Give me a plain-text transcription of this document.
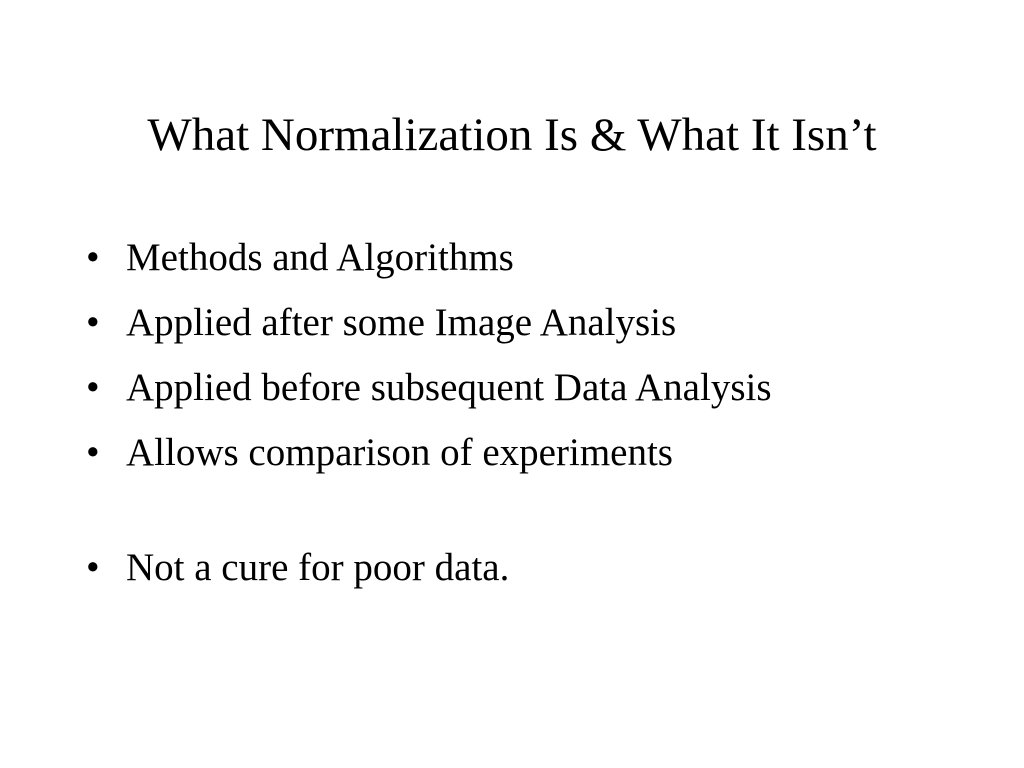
What Normalization Is & What It Isn’t
• Methods and Algorithms
• Applied after some Image Analysis
• Applied before subsequent Data Analysis
• Allows comparison of experiments
• Not a cure for poor data.
